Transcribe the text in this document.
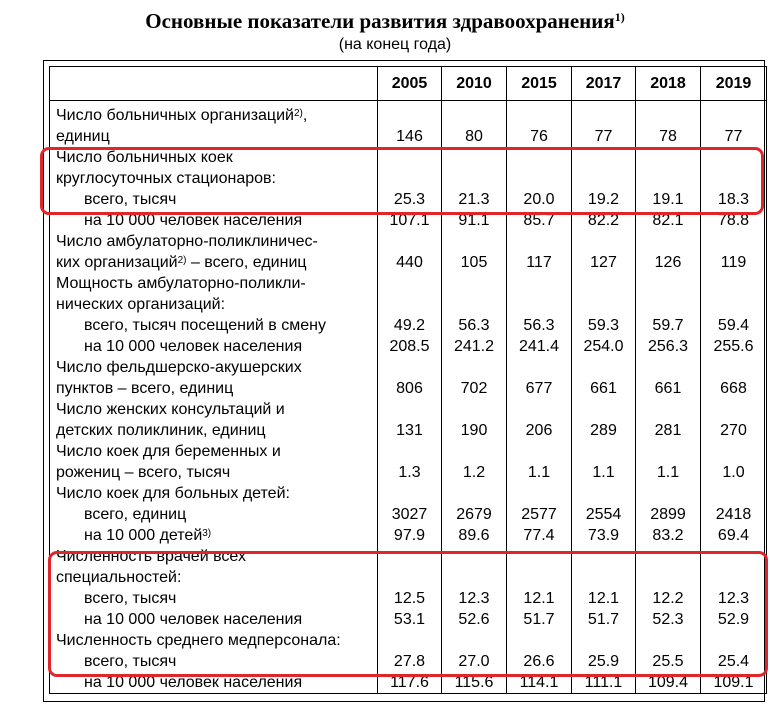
Основные показатели развития здравоохранения$^{1)}$
(на конец года)
	2005	2010	2015	2017	2018	2019

Число больничных организаций$^{2)}$,
единиц	146	80	76	77	78	77

Число больничных коек
круглосуточных стационаров:						

всего, тысяч	25.3	21.3	20.0	19.2	19.1	18.3

на 10 000 человек населения	107.1	91.1	85.7	82.2	82.1	78.8

Число амбулаторно-поликлиничес-
ких организаций$^{2)}$ – всего, единиц	440	105	117	127	126	119

Мощность амбулаторно-поликли-
нических организаций:						

всего, тысяч посещений в смену	49.2	56.3	56.3	59.3	59.7	59.4

на 10 000 человек населения	208.5	241.2	241.4	254.0	256.3	255.6

Число фельдшерско-акушерских
пунктов – всего, единиц	806	702	677	661	661	668

Число женских консультаций и
детских поликлиник, единиц	131	190	206	289	281	270

Число коек для беременных и
рожениц – всего, тысяч	1.3	1.2	1.1	1.1	1.1	1.0

Число коек для больных детей:						

всего, единиц	3027	2679	2577	2554	2899	2418

на 10 000 детей$^{3)}$	97.9	89.6	77.4	73.9	83.2	69.4

Численность врачей всех
специальностей:						

всего, тысяч	12.5	12.3	12.1	12.1	12.2	12.3

на 10 000 человек населения	53.1	52.6	51.7	51.7	52.3	52.9

Численность среднего медперсонала:						

всего, тысяч	27.8	27.0	26.6	25.9	25.5	25.4

на 10 000 человек населения	117.6	115.6	114.1	111.1	109.4	109.1
